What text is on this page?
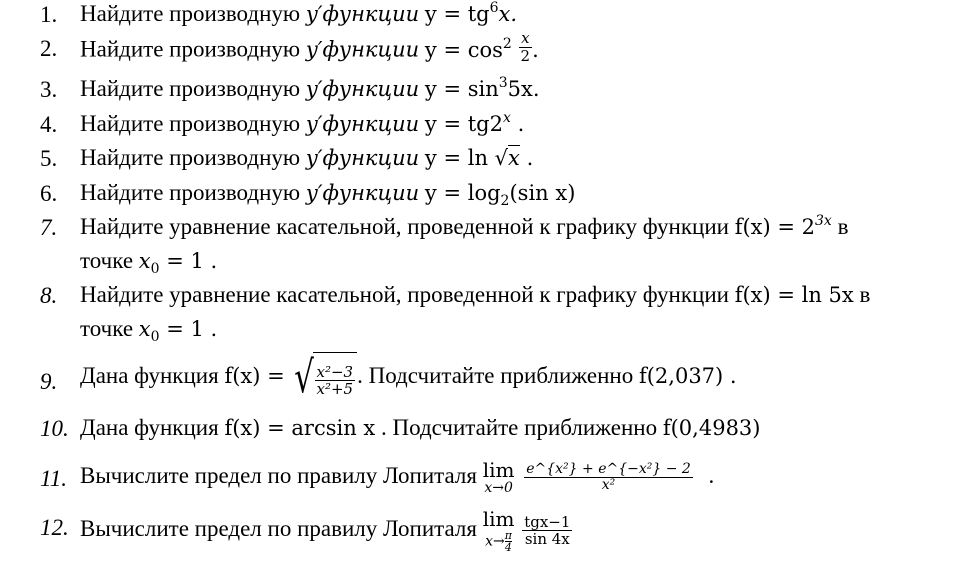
1. Найдите производную y′функции $y = tg^6x$.
2. Найдите производную y′функции $y = \cos^2 \frac{x}{2}$ .
3. Найдите производную y′функции $y = \sin^35x$.
4. Найдите производную y′функции $y = tg2^x$ .
5. Найдите производную y′функции y = ln √x .
6. Найдите производную y′функции $y = \log_2(\sin$ x)
7. Найдите уравнение касательной, проведенной к графику функции $f(x) = 2^{3x}$ в
точке $x_0 = 1$ .
8. Найдите уравнение касательной, проведенной к графику функции f(x) = ln 5x в
точке $x_0 = 1$ .
9. Дана функция f(x) = √ $\frac{\text{x²−3}}{\text{x²+5}}$ . Подсчитайте приближенно f(2,037) .
10. Дана функция f(x) = arcsin x . Подсчитайте приближенно f(0,4983)
11. Вычислите предел по правилу Лопиталя lim
x→0
$\frac{\text{e\textasciicircum{}\{x²\} + e\textasciicircum{}\{−x²\} − 2}}{\text{x²}}$ .
12. Вычислите предел по правилу Лопиталя lim
$x\to \frac{\pi}{4}$
$\frac{\text{tgx−1}}{\sin 4x}$
